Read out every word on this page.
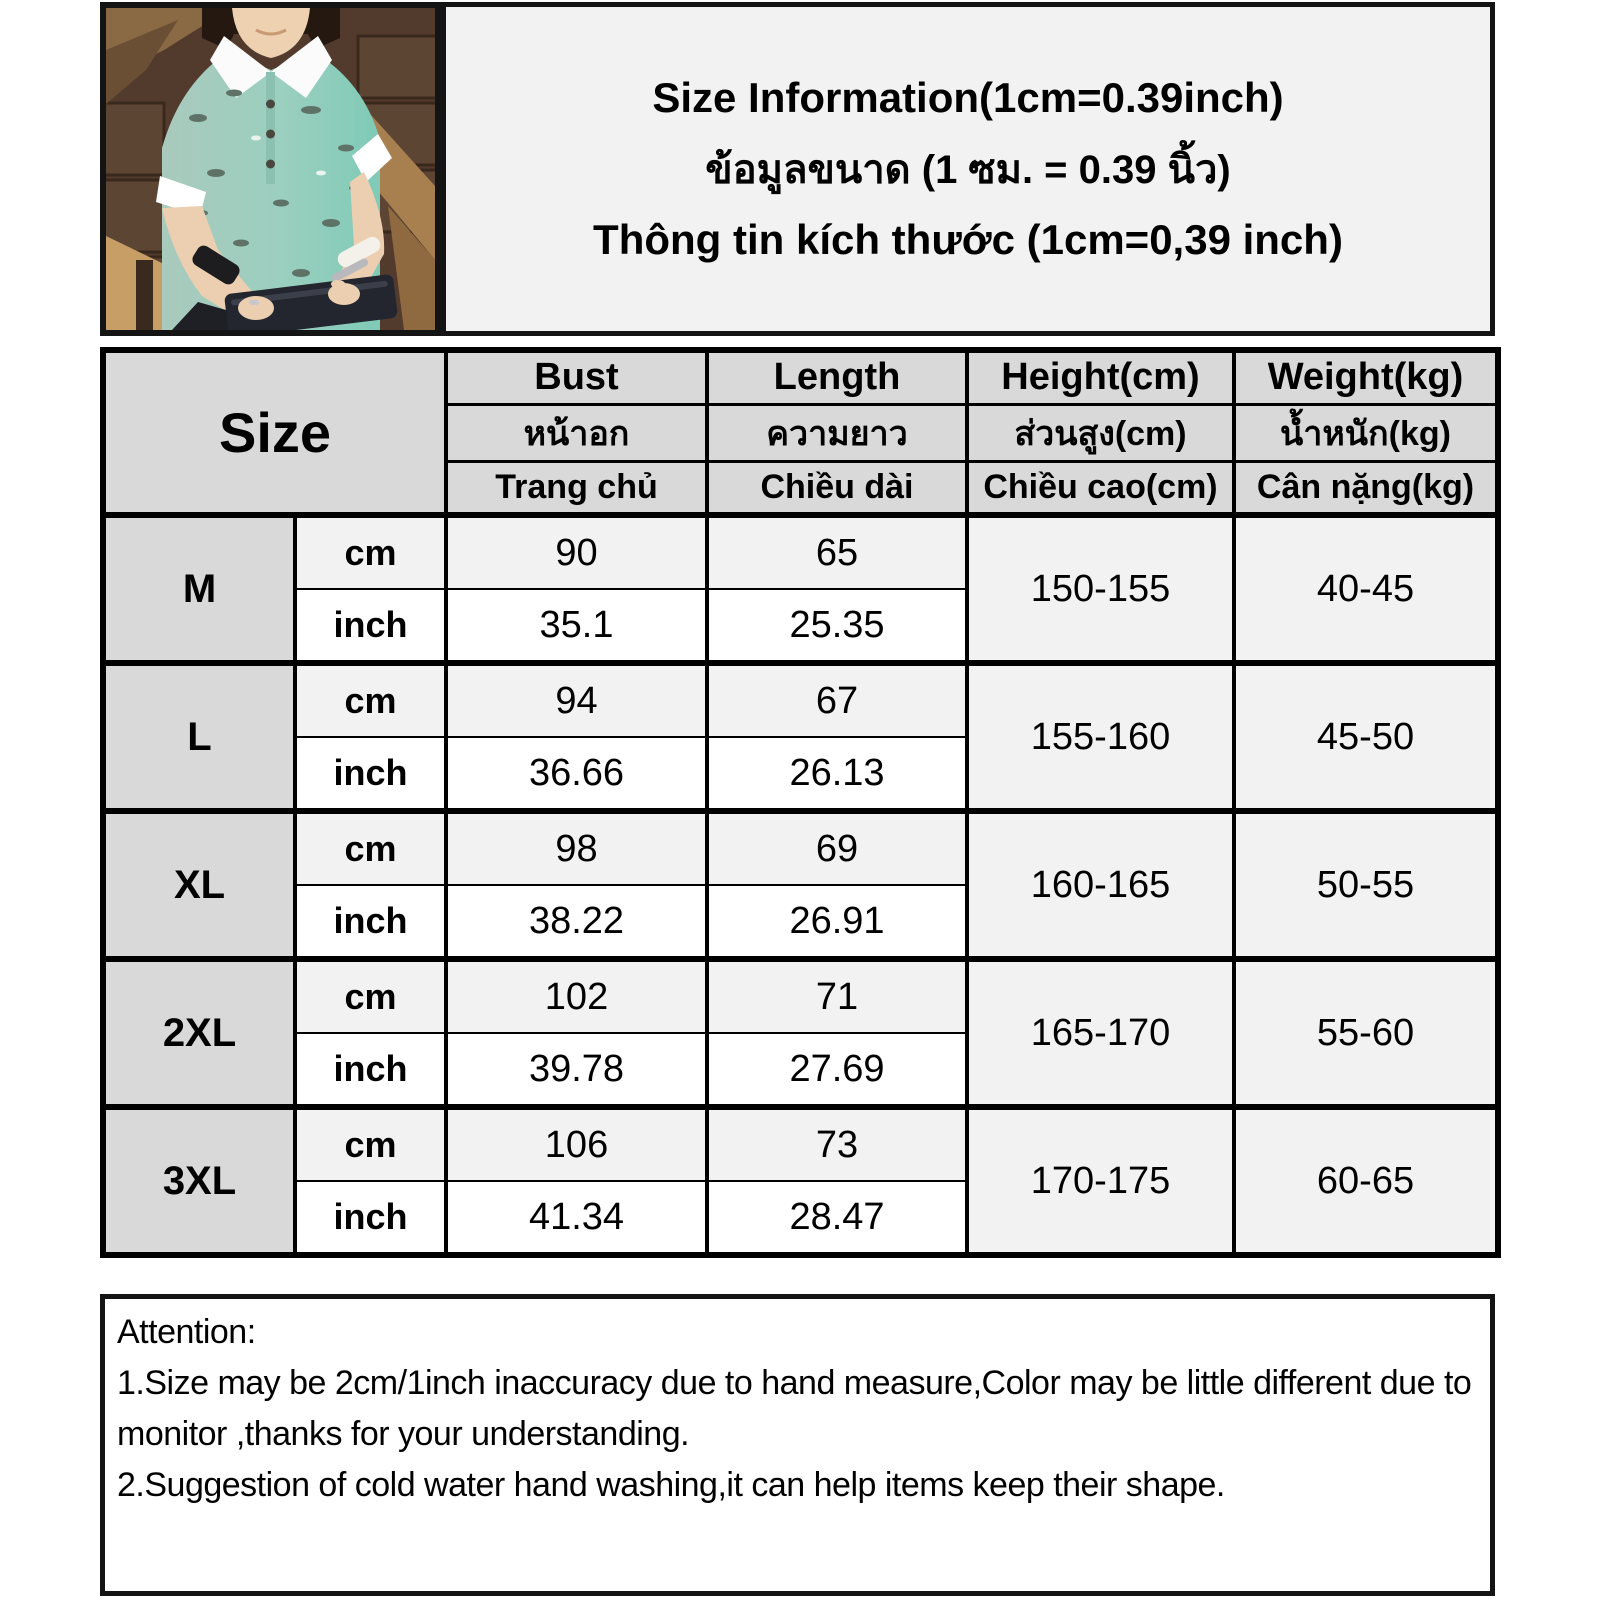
Size Information(1cm=0.39inch)
ข้อมูลขนาด (1 ซม. = 0.39 นิ้ว)
Thông tin kích thước (1cm=0,39 inch)
Size		Bust	Length	Height(cm)	Weight(kg)
		หน้าอก	ความยาว	ส่วนสูง(cm)	น้ำหนัก(kg)
		Trang chủ	Chiều dài	Chiều cao(cm)	Cân nặng(kg)
M	cm	90	65	150-155	40-45
	inch	35.1	25.35		
L	cm	94	67	155-160	45-50
	inch	36.66	26.13		
XL	cm	98	69	160-165	50-55
	inch	38.22	26.91		
2XL	cm	102	71	165-170	55-60
	inch	39.78	27.69		
3XL	cm	106	73	170-175	60-65
	inch	41.34	28.47		
Attention:
1.Size may be 2cm/1inch inaccuracy due to hand measure,Color may be little different due to monitor ,thanks for your understanding.
2.Suggestion of cold water hand washing,it can help items keep their shape.
